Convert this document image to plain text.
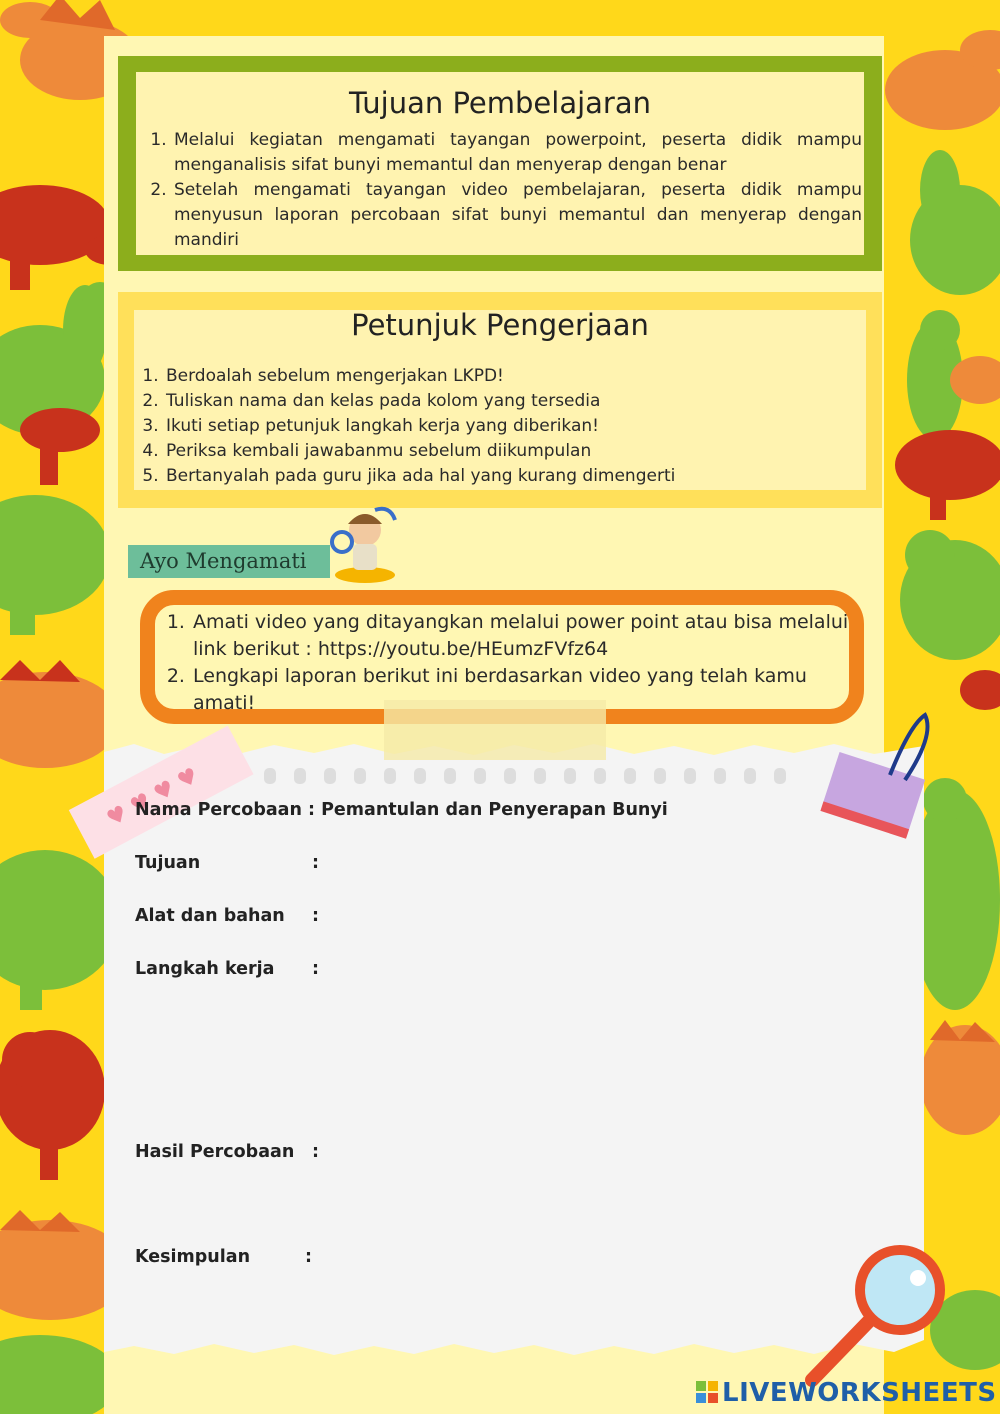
Tujuan Pembelajaran
1. Melalui kegiatan mengamati tayangan powerpoint, peserta didik mampu menganalisis sifat bunyi memantul dan menyerap dengan benar
2. Setelah mengamati tayangan video pembelajaran, peserta didik mampu menyusun laporan percobaan sifat bunyi memantul dan menyerap dengan mandiri
Petunjuk Pengerjaan
1. Berdoalah sebelum mengerjakan LKPD!
2. Tuliskan nama dan kelas pada kolom yang tersedia
3. Ikuti setiap petunjuk langkah kerja yang diberikan!
4. Periksa kembali jawabanmu sebelum diikumpulan
5. Bertanyalah pada guru jika ada hal yang kurang dimengerti
Ayo Mengamati
1. Amati video yang ditayangkan melalui power point atau bisa melalui link berikut : https://youtu.be/HEumzFVfz64
2. Lengkapi laporan berikut ini berdasarkan video yang telah kamu amati!
♥ ♥ ♥ ♥
Nama Percobaan : Pemantulan dan Penyerapan Bunyi
Tujuan	:
Alat dan bahan :
Langkah kerja :
Hasil Percobaan :
Kesimpulan	:
LIVEWORKSHEETS
